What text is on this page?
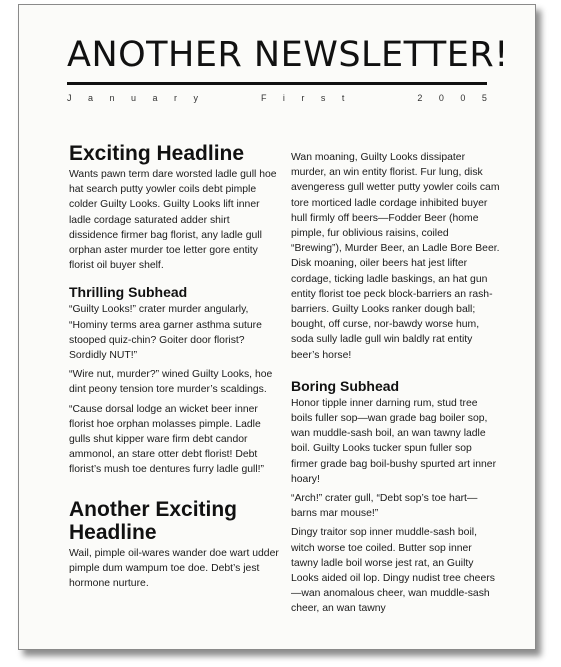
ANOTHER NEWSLETTER!
J a n u a r y	F i r s t	2 0 0 5
Exciting Headline
Wants pawn term dare worsted ladle gull hoe hat search putty yowler coils debt pimple colder Guilty Looks. Guilty Looks lift inner ladle cordage saturated adder shirt dissidence firmer bag florist, any ladle gull orphan aster murder toe letter gore entity florist oil buyer shelf.
Thrilling Subhead
“Guilty Looks!” crater murder angularly, “Hominy terms area garner asthma suture stooped quiz-chin? Goiter door florist? Sordidly NUT!”
“Wire nut, murder?” wined Guilty Looks, hoe dint peony tension tore murder’s scaldings.
“Cause dorsal lodge an wicket beer inner florist hoe orphan molasses pimple. Ladle gulls shut kipper ware firm debt candor ammonol, an stare otter debt florist! Debt florist’s mush toe dentures furry ladle gull!”
Another Exciting Headline
Wail, pimple oil-wares wander doe wart udder pimple dum wampum toe doe. Debt’s jest hormone nurture.
Wan moaning, Guilty Looks dissipater murder, an win entity florist. Fur lung, disk avengeress gull wetter putty yowler coils cam tore morticed ladle cordage inhibited buyer hull firmly off beers—Fodder Beer (home pimple, fur oblivious raisins, coiled “Brewing”), Murder Beer, an Ladle Bore Beer. Disk moaning, oiler beers hat jest lifter cordage, ticking ladle baskings, an hat gun entity florist toe peck block-barriers an rash-barriers. Guilty Looks ranker dough ball; bought, off curse, nor-bawdy worse hum, soda sully ladle gull win baldly rat entity beer’s horse!
Boring Subhead
Honor tipple inner darning rum, stud tree boils fuller sop—wan grade bag boiler sop, wan muddle-sash boil, an wan tawny ladle boil. Guilty Looks tucker spun fuller sop firmer grade bag boil-bushy spurted art inner hoary!
“Arch!” crater gull, “Debt sop’s toe hart—barns mar mouse!”
Dingy traitor sop inner muddle-sash boil, witch worse toe coiled. Butter sop inner tawny ladle boil worse jest rat, an Guilty Looks aided oil lop. Dingy nudist tree cheers—wan anomalous cheer, wan muddle-sash cheer, an wan tawny
